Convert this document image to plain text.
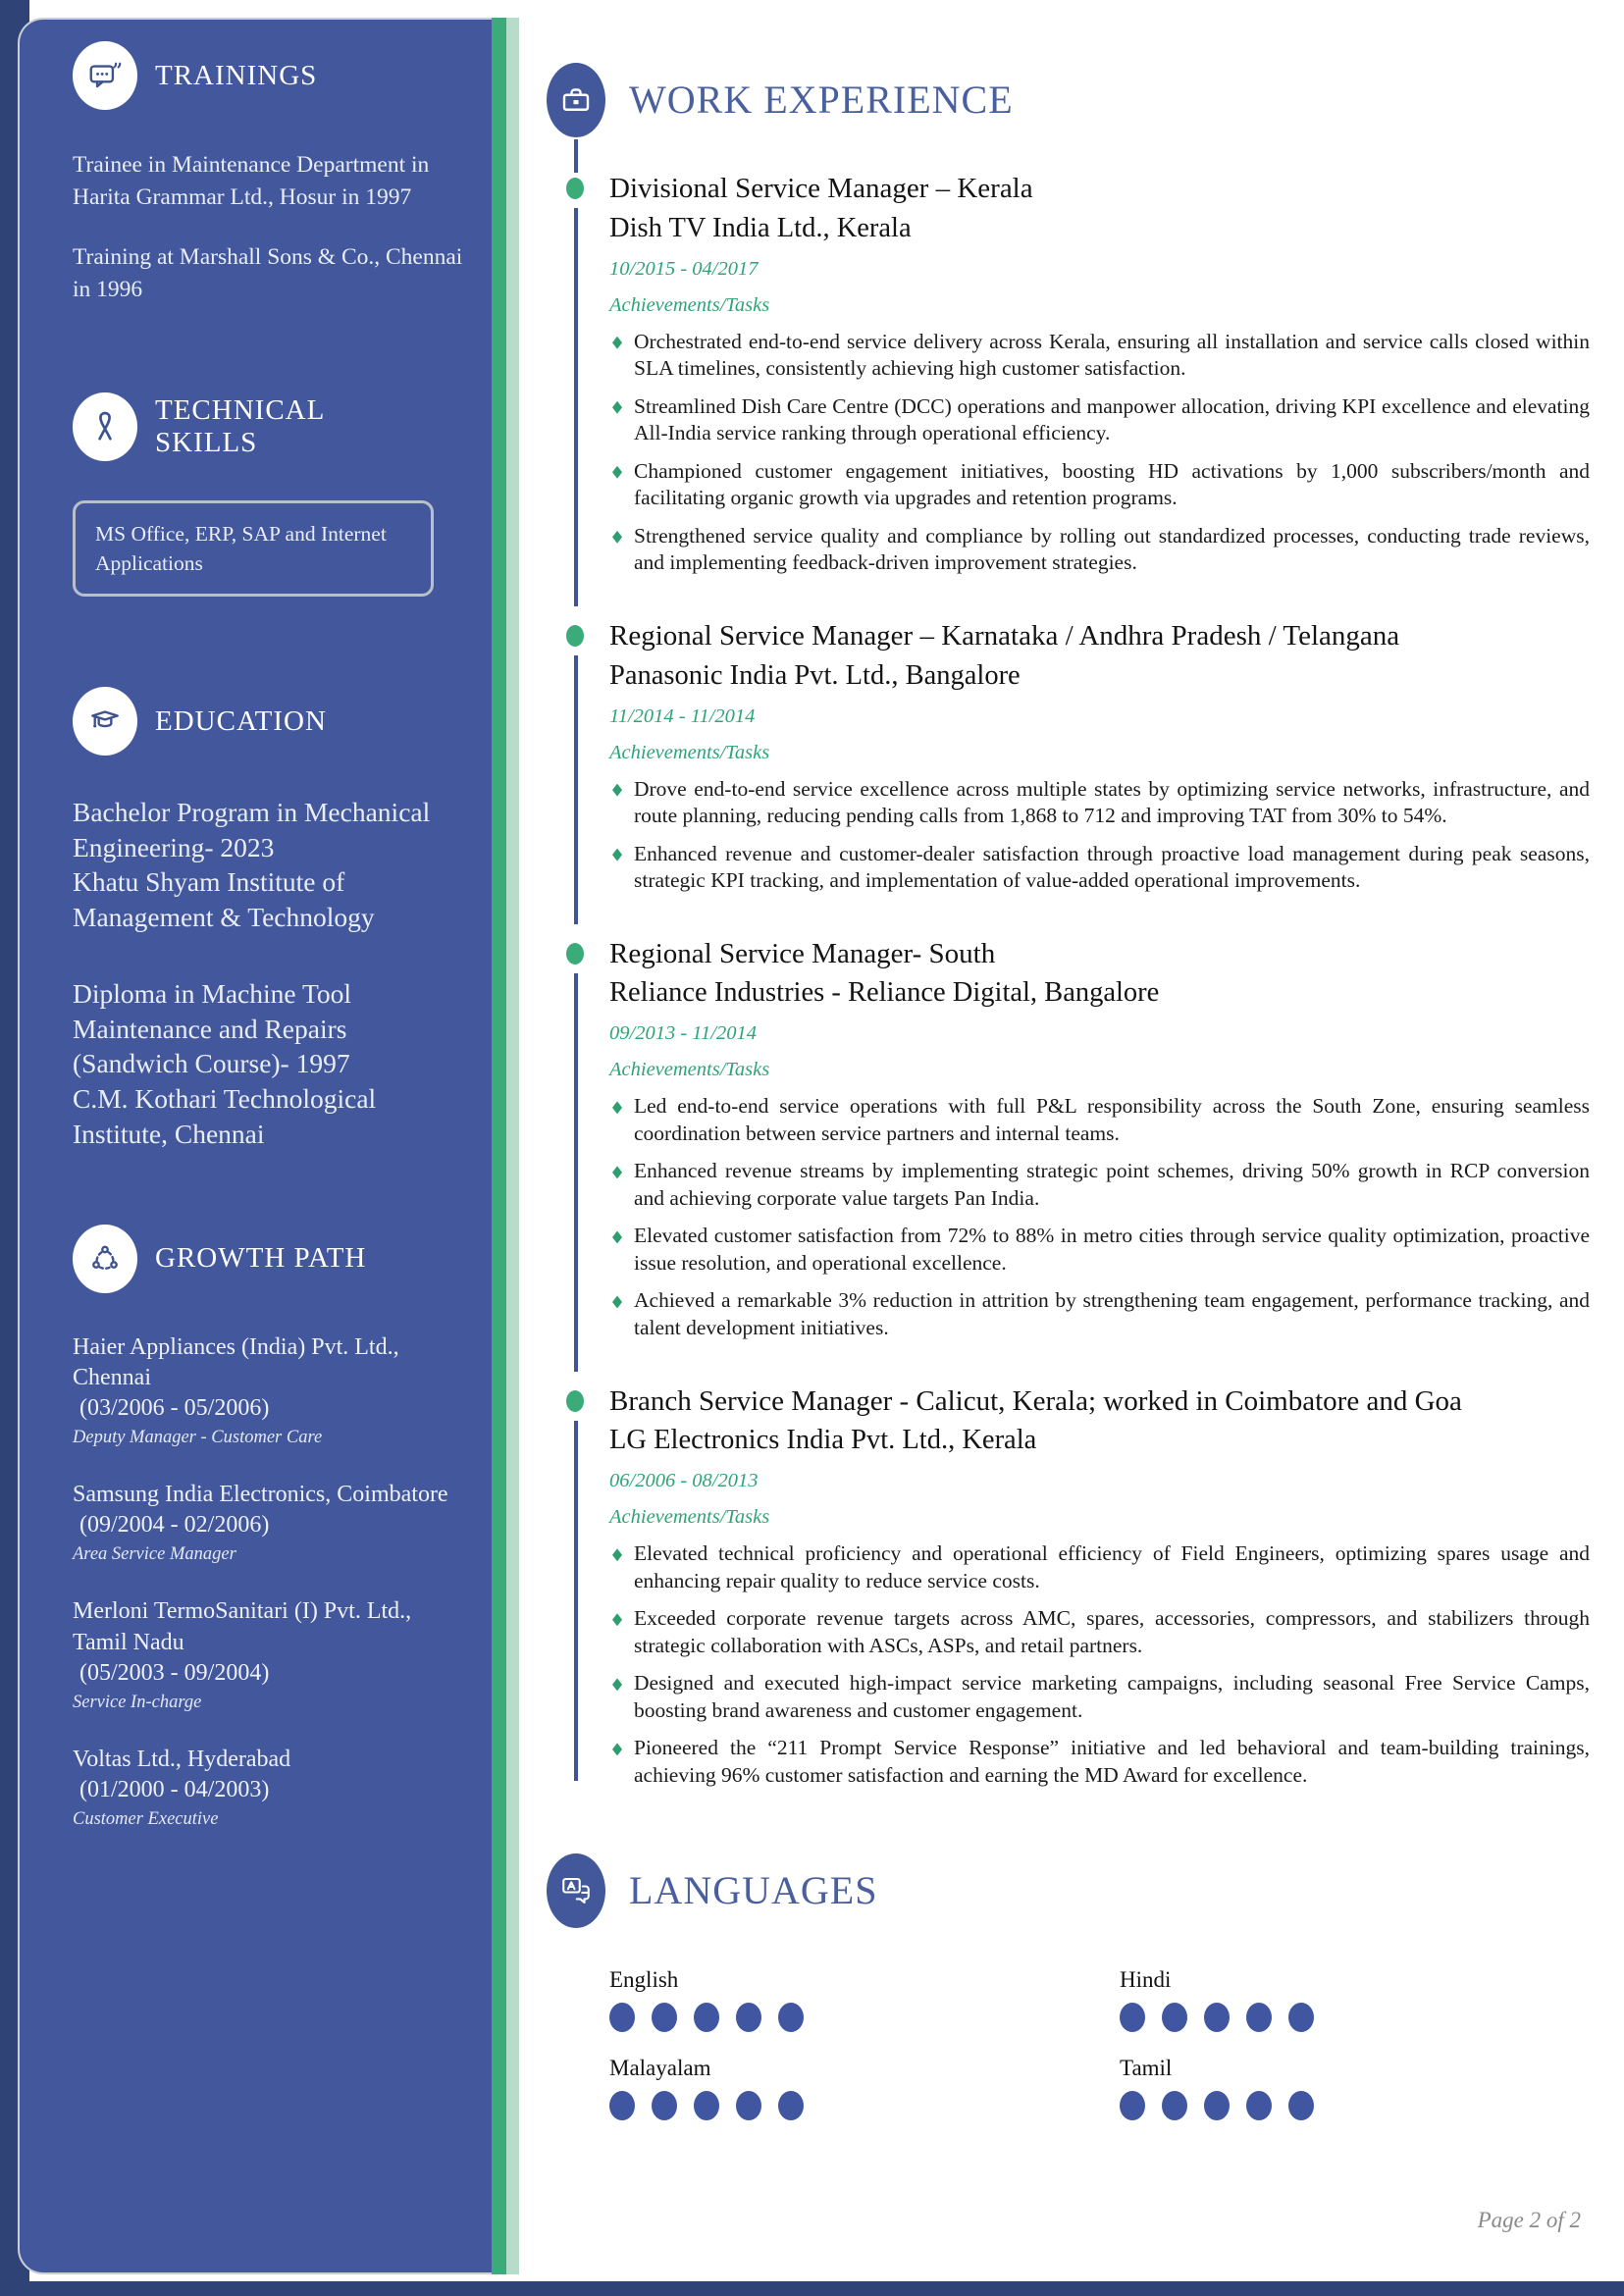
TRAININGS

Trainee in Maintenance Department in Harita Grammar Ltd., Hosur in 1997

Training at Marshall Sons & Co., Chennai in 1996

TECHNICAL SKILLS
MS Office, ERP, SAP and Internet Applications
EDUCATION
Bachelor Program in Mechanical Engineering- 2023
Khatu Shyam Institute of Management & Technology
Diploma in Machine Tool Maintenance and Repairs (Sandwich Course)- 1997
C.M. Kothari Technological Institute, Chennai
GROWTH PATH
Haier Appliances (India) Pvt. Ltd., Chennai
(03/2006 - 05/2006)
Deputy Manager - Customer Care
Samsung India Electronics, Coimbatore
(09/2004 - 02/2006)
Area Service Manager
Merloni TermoSanitari (I) Pvt. Ltd., Tamil Nadu
(05/2003 - 09/2004)
Service In-charge
Voltas Ltd., Hyderabad
(01/2000 - 04/2003)
Customer Executive
WORK EXPERIENCE
Divisional Service Manager – Kerala
Dish TV India Ltd., Kerala
10/2015 - 04/2017
Achievements/Tasks
Orchestrated end-to-end service delivery across Kerala, ensuring all installation and service calls closed within SLA timelines, consistently achieving high customer satisfaction.
Streamlined Dish Care Centre (DCC) operations and manpower allocation, driving KPI excellence and elevating All-India service ranking through operational efficiency.
Championed customer engagement initiatives, boosting HD activations by 1,000 subscribers/month and facilitating organic growth via upgrades and retention programs.
Strengthened service quality and compliance by rolling out standardized processes, conducting trade reviews, and implementing feedback-driven improvement strategies.
Regional Service Manager – Karnataka / Andhra Pradesh / Telangana
Panasonic India Pvt. Ltd., Bangalore
11/2014 - 11/2014
Achievements/Tasks
Drove end-to-end service excellence across multiple states by optimizing service networks, infrastructure, and route planning, reducing pending calls from 1,868 to 712 and improving TAT from 30% to 54%.
Enhanced revenue and customer-dealer satisfaction through proactive load management during peak seasons, strategic KPI tracking, and implementation of value-added operational improvements.
Regional Service Manager- South
Reliance Industries - Reliance Digital, Bangalore
09/2013 - 11/2014
Achievements/Tasks
Led end-to-end service operations with full P&L responsibility across the South Zone, ensuring seamless coordination between service partners and internal teams.
Enhanced revenue streams by implementing strategic point schemes, driving 50% growth in RCP conversion and achieving corporate value targets Pan India.
Elevated customer satisfaction from 72% to 88% in metro cities through service quality optimization, proactive issue resolution, and operational excellence.
Achieved a remarkable 3% reduction in attrition by strengthening team engagement, performance tracking, and talent development initiatives.
Branch Service Manager - Calicut, Kerala; worked in Coimbatore and Goa
LG Electronics India Pvt. Ltd., Kerala
06/2006 - 08/2013
Achievements/Tasks
Elevated technical proficiency and operational efficiency of Field Engineers, optimizing spares usage and enhancing repair quality to reduce service costs.
Exceeded corporate revenue targets across AMC, spares, accessories, compressors, and stabilizers through strategic collaboration with ASCs, ASPs, and retail partners.
Designed and executed high-impact service marketing campaigns, including seasonal Free Service Camps, boosting brand awareness and customer engagement.
Pioneered the “211 Prompt Service Response” initiative and led behavioral and team-building trainings, achieving 96% customer satisfaction and earning the MD Award for excellence.
LANGUAGES
English	Hindi
Malayalam	Tamil
Page 2 of 2
